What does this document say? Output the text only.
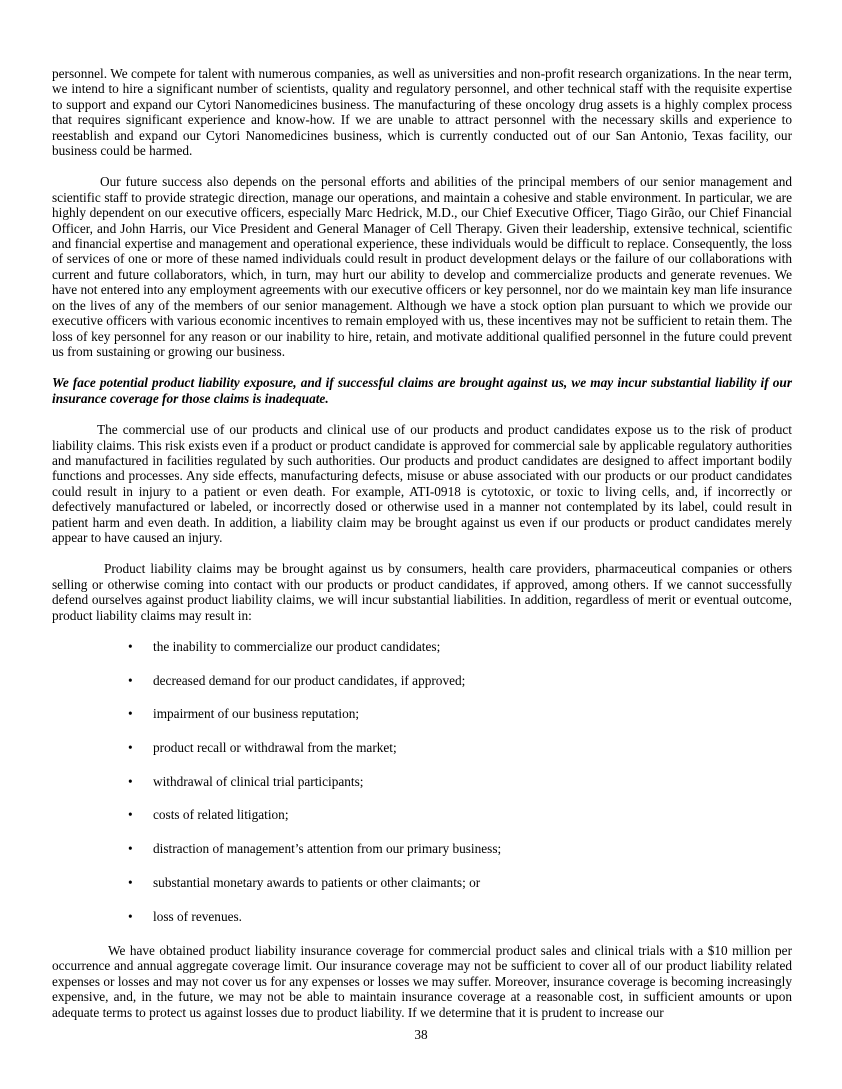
personnel. We compete for talent with numerous companies, as well as universities and non-profit research organizations. In the near term, we intend to hire a significant number of scientists, quality and regulatory personnel, and other technical staff with the requisite expertise to support and expand our Cytori Nanomedicines business. The manufacturing of these oncology drug assets is a highly complex process that requires significant experience and know-how. If we are unable to attract personnel with the necessary skills and experience to reestablish and expand our Cytori Nanomedicines business, which is currently conducted out of our San Antonio, Texas facility, our business could be harmed.

Our future success also depends on the personal efforts and abilities of the principal members of our senior management and scientific staff to provide strategic direction, manage our operations, and maintain a cohesive and stable environment. In particular, we are highly dependent on our executive officers, especially Marc Hedrick, M.D., our Chief Executive Officer, Tiago Girão, our Chief Financial Officer, and John Harris, our Vice President and General Manager of Cell Therapy. Given their leadership, extensive technical, scientific and financial expertise and management and operational experience, these individuals would be difficult to replace. Consequently, the loss of services of one or more of these named individuals could result in product development delays or the failure of our collaborations with current and future collaborators, which, in turn, may hurt our ability to develop and commercialize products and generate revenues. We have not entered into any employment agreements with our executive officers or key personnel, nor do we maintain key man life insurance on the lives of any of the members of our senior management. Although we have a stock option plan pursuant to which we provide our executive officers with various economic incentives to remain employed with us, these incentives may not be sufficient to retain them. The loss of key personnel for any reason or our inability to hire, retain, and motivate additional qualified personnel in the future could prevent us from sustaining or growing our business.

We face potential product liability exposure, and if successful claims are brought against us, we may incur substantial liability if our insurance coverage for those claims is inadequate.

The commercial use of our products and clinical use of our products and product candidates expose us to the risk of product liability claims. This risk exists even if a product or product candidate is approved for commercial sale by applicable regulatory authorities and manufactured in facilities regulated by such authorities. Our products and product candidates are designed to affect important bodily functions and processes. Any side effects, manufacturing defects, misuse or abuse associated with our products or our product candidates could result in injury to a patient or even death. For example, ATI-0918 is cytotoxic, or toxic to living cells, and, if incorrectly or defectively manufactured or labeled, or incorrectly dosed or otherwise used in a manner not contemplated by its label, could result in patient harm and even death. In addition, a liability claim may be brought against us even if our products or product candidates merely appear to have caused an injury.

Product liability claims may be brought against us by consumers, health care providers, pharmaceutical companies or others selling or otherwise coming into contact with our products or product candidates, if approved, among others. If we cannot successfully defend ourselves against product liability claims, we will incur substantial liabilities. In addition, regardless of merit or eventual outcome, product liability claims may result in:

• the inability to commercialize our product candidates;
• decreased demand for our product candidates, if approved;
• impairment of our business reputation;
• product recall or withdrawal from the market;
• withdrawal of clinical trial participants;
• costs of related litigation;
• distraction of management’s attention from our primary business;
• substantial monetary awards to patients or other claimants; or
• loss of revenues.

We have obtained product liability insurance coverage for commercial product sales and clinical trials with a $10 million per occurrence and annual aggregate coverage limit. Our insurance coverage may not be sufficient to cover all of our product liability related expenses or losses and may not cover us for any expenses or losses we may suffer. Moreover, insurance coverage is becoming increasingly expensive, and, in the future, we may not be able to maintain insurance coverage at a reasonable cost, in sufficient amounts or upon adequate terms to protect us against losses due to product liability. If we determine that it is prudent to increase our

38
